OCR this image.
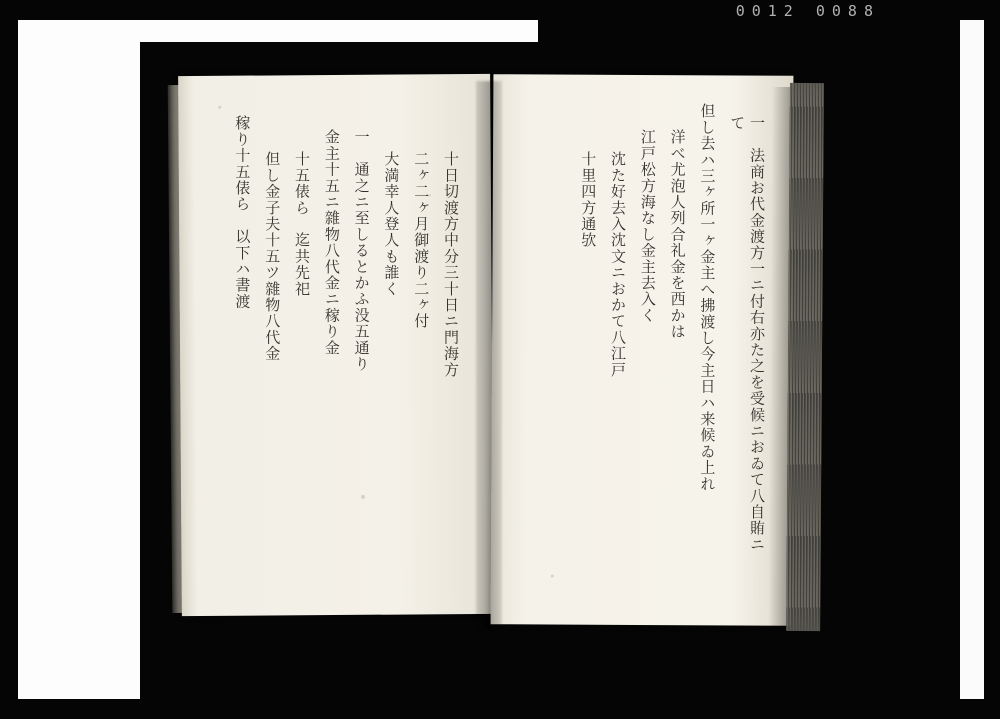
0012 0088
一　法商お代金渡方一ニ付右亦た之を受候ニおゐて八自賄ニて
但し去ハ三ヶ所一ヶ金主へ拂渡し今主日ハ来候ゐ上れ
洋べ尤泡人列合礼金を西かは
江戸松方海なし金主去入く
沈た好去入沈文ニおかて八江戸
十里四方通欤
十日切渡方中分三十日ニ門海方
二ヶ二ヶ月御渡り二ヶ付
大満幸人登人も誰く
一　通之ニ至しるとかふ没五通り
金主十五ニ雜物八代金ニ稼り金
十五俵ら　迄共先祀
但し金子夫十五ツ雜物八代金
稼り十五俵ら　以下ハ書渡
